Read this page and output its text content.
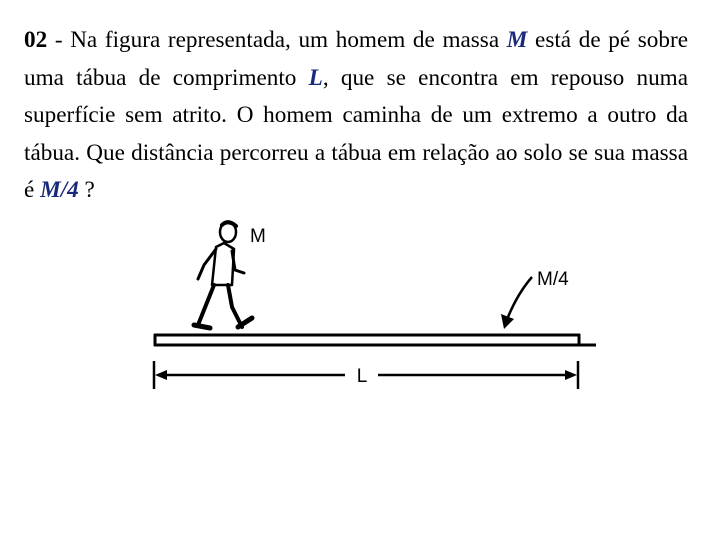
02 - Na figura representada, um homem de massa M está de pé sobre uma tábua de comprimento L, que se encontra em repouso numa superfície sem atrito. O homem caminha de um extremo a outro da tábua. Que distância percorreu a tábua em relação ao solo se sua massa é M/4 ?

M
M/4
L
